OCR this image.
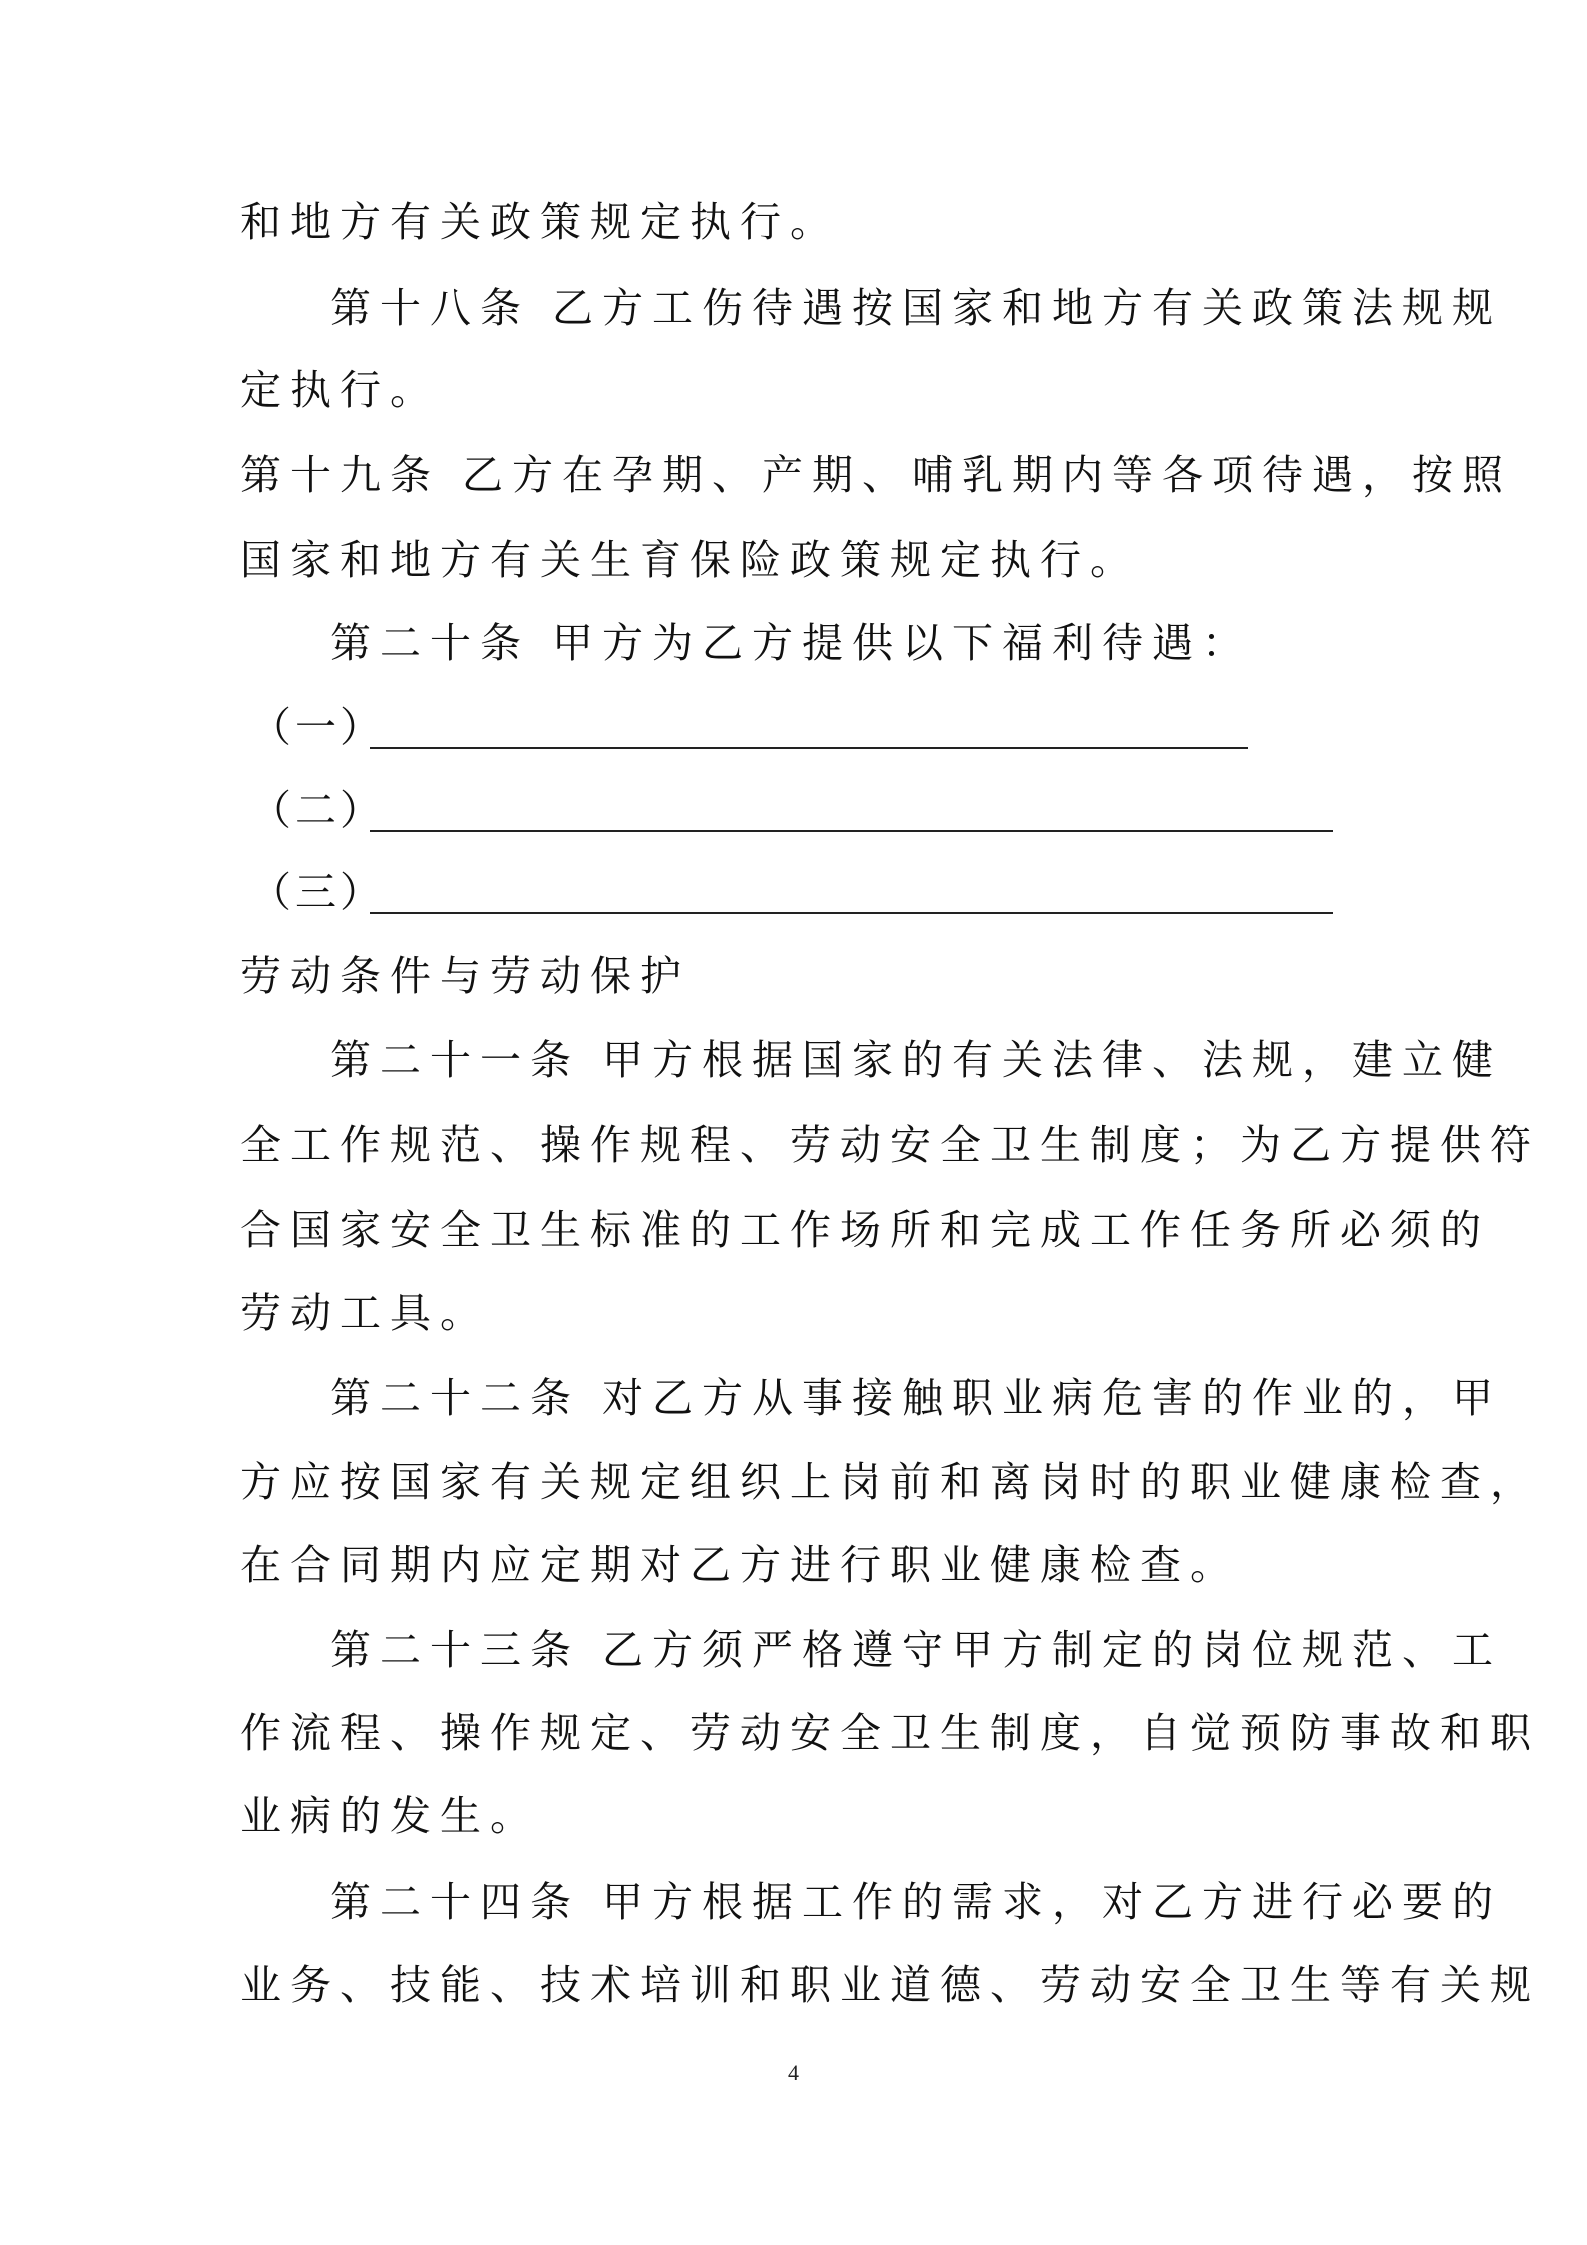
和地方有关政策规定执行。
第十八条 乙方工伤待遇按国家和地方有关政策法规规
定执行。
第十九条 乙方在孕期、产期、哺乳期内等各项待遇，按照
国家和地方有关生育保险政策规定执行。
第二十条 甲方为乙方提供以下福利待遇：
（一）
（二）
（三）
劳动条件与劳动保护
第二十一条 甲方根据国家的有关法律、法规，建立健
全工作规范、操作规程、劳动安全卫生制度；为乙方提供符
合国家安全卫生标准的工作场所和完成工作任务所必须的
劳动工具。
第二十二条 对乙方从事接触职业病危害的作业的，甲
方应按国家有关规定组织上岗前和离岗时的职业健康检查，
在合同期内应定期对乙方进行职业健康检查。
第二十三条 乙方须严格遵守甲方制定的岗位规范、工
作流程、操作规定、劳动安全卫生制度，自觉预防事故和职
业病的发生。
第二十四条 甲方根据工作的需求，对乙方进行必要的
业务、技能、技术培训和职业道德、劳动安全卫生等有关规
4
